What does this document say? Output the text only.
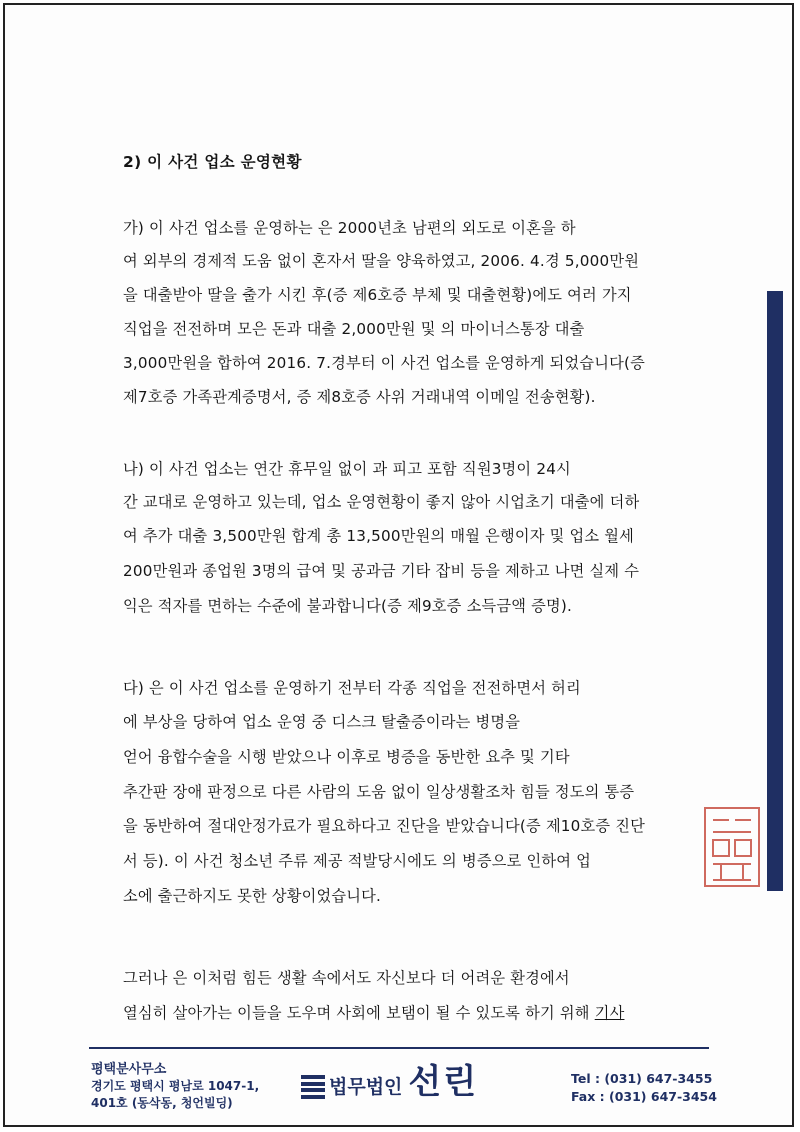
2) 이 사건 업소 운영현황
가) 이 사건 업소를 운영하는 은 2000년초 남편의 외도로 이혼을 하
여 외부의 경제적 도움 없이 혼자서 딸을 양육하였고, 2006. 4.경 5,000만원
을 대출받아 딸을 출가 시킨 후(증 제6호증 부체 및 대출현황)에도 여러 가지
직업을 전전하며 모은 돈과 대출 2,000만원 및 의 마이너스통장 대출
3,000만원을 합하여 2016. 7.경부터 이 사건 업소를 운영하게 되었습니다(증
제7호증 가족관계증명서, 증 제8호증 사위 거래내역 이메일 전송현황).
나) 이 사건 업소는 연간 휴무일 없이 과 피고 포함 직원3명이 24시
간 교대로 운영하고 있는데, 업소 운영현황이 좋지 않아 시업초기 대출에 더하
여 추가 대출 3,500만원 합계 총 13,500만원의 매월 은행이자 및 업소 월세
200만원과 종업원 3명의 급여 및 공과금 기타 잡비 등을 제하고 나면 실제 수
익은 적자를 면하는 수준에 불과합니다(증 제9호증 소득금액 증명).
다) 은 이 사건 업소를 운영하기 전부터 각종 직업을 전전하면서 허리
에 부상을 당하여 업소 운영 중 디스크 탈출증이라는 병명을
얻어 융합수술을 시행 받았으나 이후로 병증을 동반한 요추 및 기타
추간판 장애 판정으로 다른 사람의 도움 없이 일상생활조차 힘들 정도의 통증
을 동반하여 절대안정가료가 필요하다고 진단을 받았습니다(증 제10호증 진단
서 등). 이 사건 청소년 주류 제공 적발당시에도 의 병증으로 인하여 업
소에 출근하지도 못한 상황이었습니다.
그러나 은 이처럼 힘든 생활 속에서도 자신보다 더 어려운 환경에서
열심히 살아가는 이들을 도우며 사회에 보탬이 될 수 있도록 하기 위해 기사
평택분사무소
경기도 평택시 평남로 1047-1,
401호 (동삭동, 청언빌딩)
법무법인 선린	Tel : (031) 647-3455
Fax : (031) 647-3454
